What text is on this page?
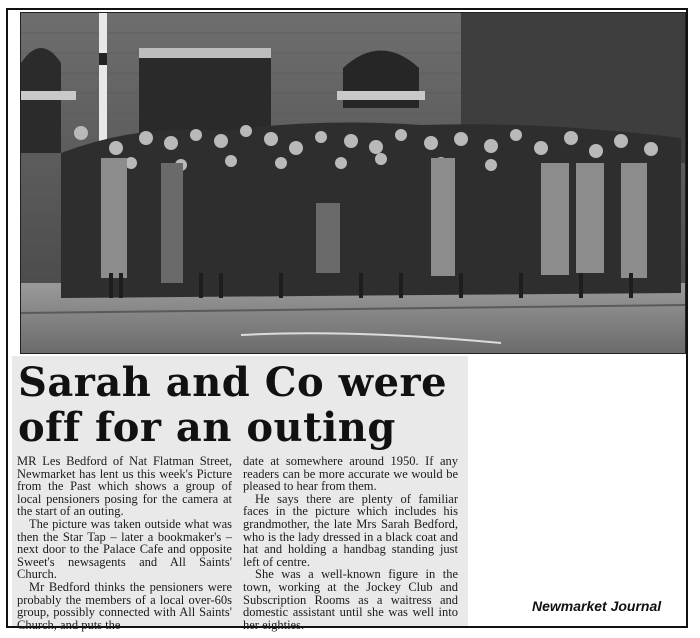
Sarah and Co were off for an outing

MR Les Bedford of Nat Flatman Street, Newmarket has lent us this week's Picture from the Past which shows a group of local pensioners posing for the camera at the start of an outing.

The picture was taken outside what was then the Star Tap – later a bookmaker's – next door to the Palace Cafe and opposite Sweet's newsagents and All Saints' Church.

Mr Bedford thinks the pensioners were probably the members of a local over-60s group, possibly connected with All Saints' Church, and puts the

date at somewhere around 1950. If any readers can be more accurate we would be pleased to hear from them.

He says there are plenty of familiar faces in the picture which includes his grandmother, the late Mrs Sarah Bedford, who is the lady dressed in a black coat and hat and holding a handbag standing just left of centre.

She was a well-known figure in the town, working at the Jockey Club and Subscription Rooms as a waitress and domestic assistant until she was well into her eighties.

Newmarket Journal
